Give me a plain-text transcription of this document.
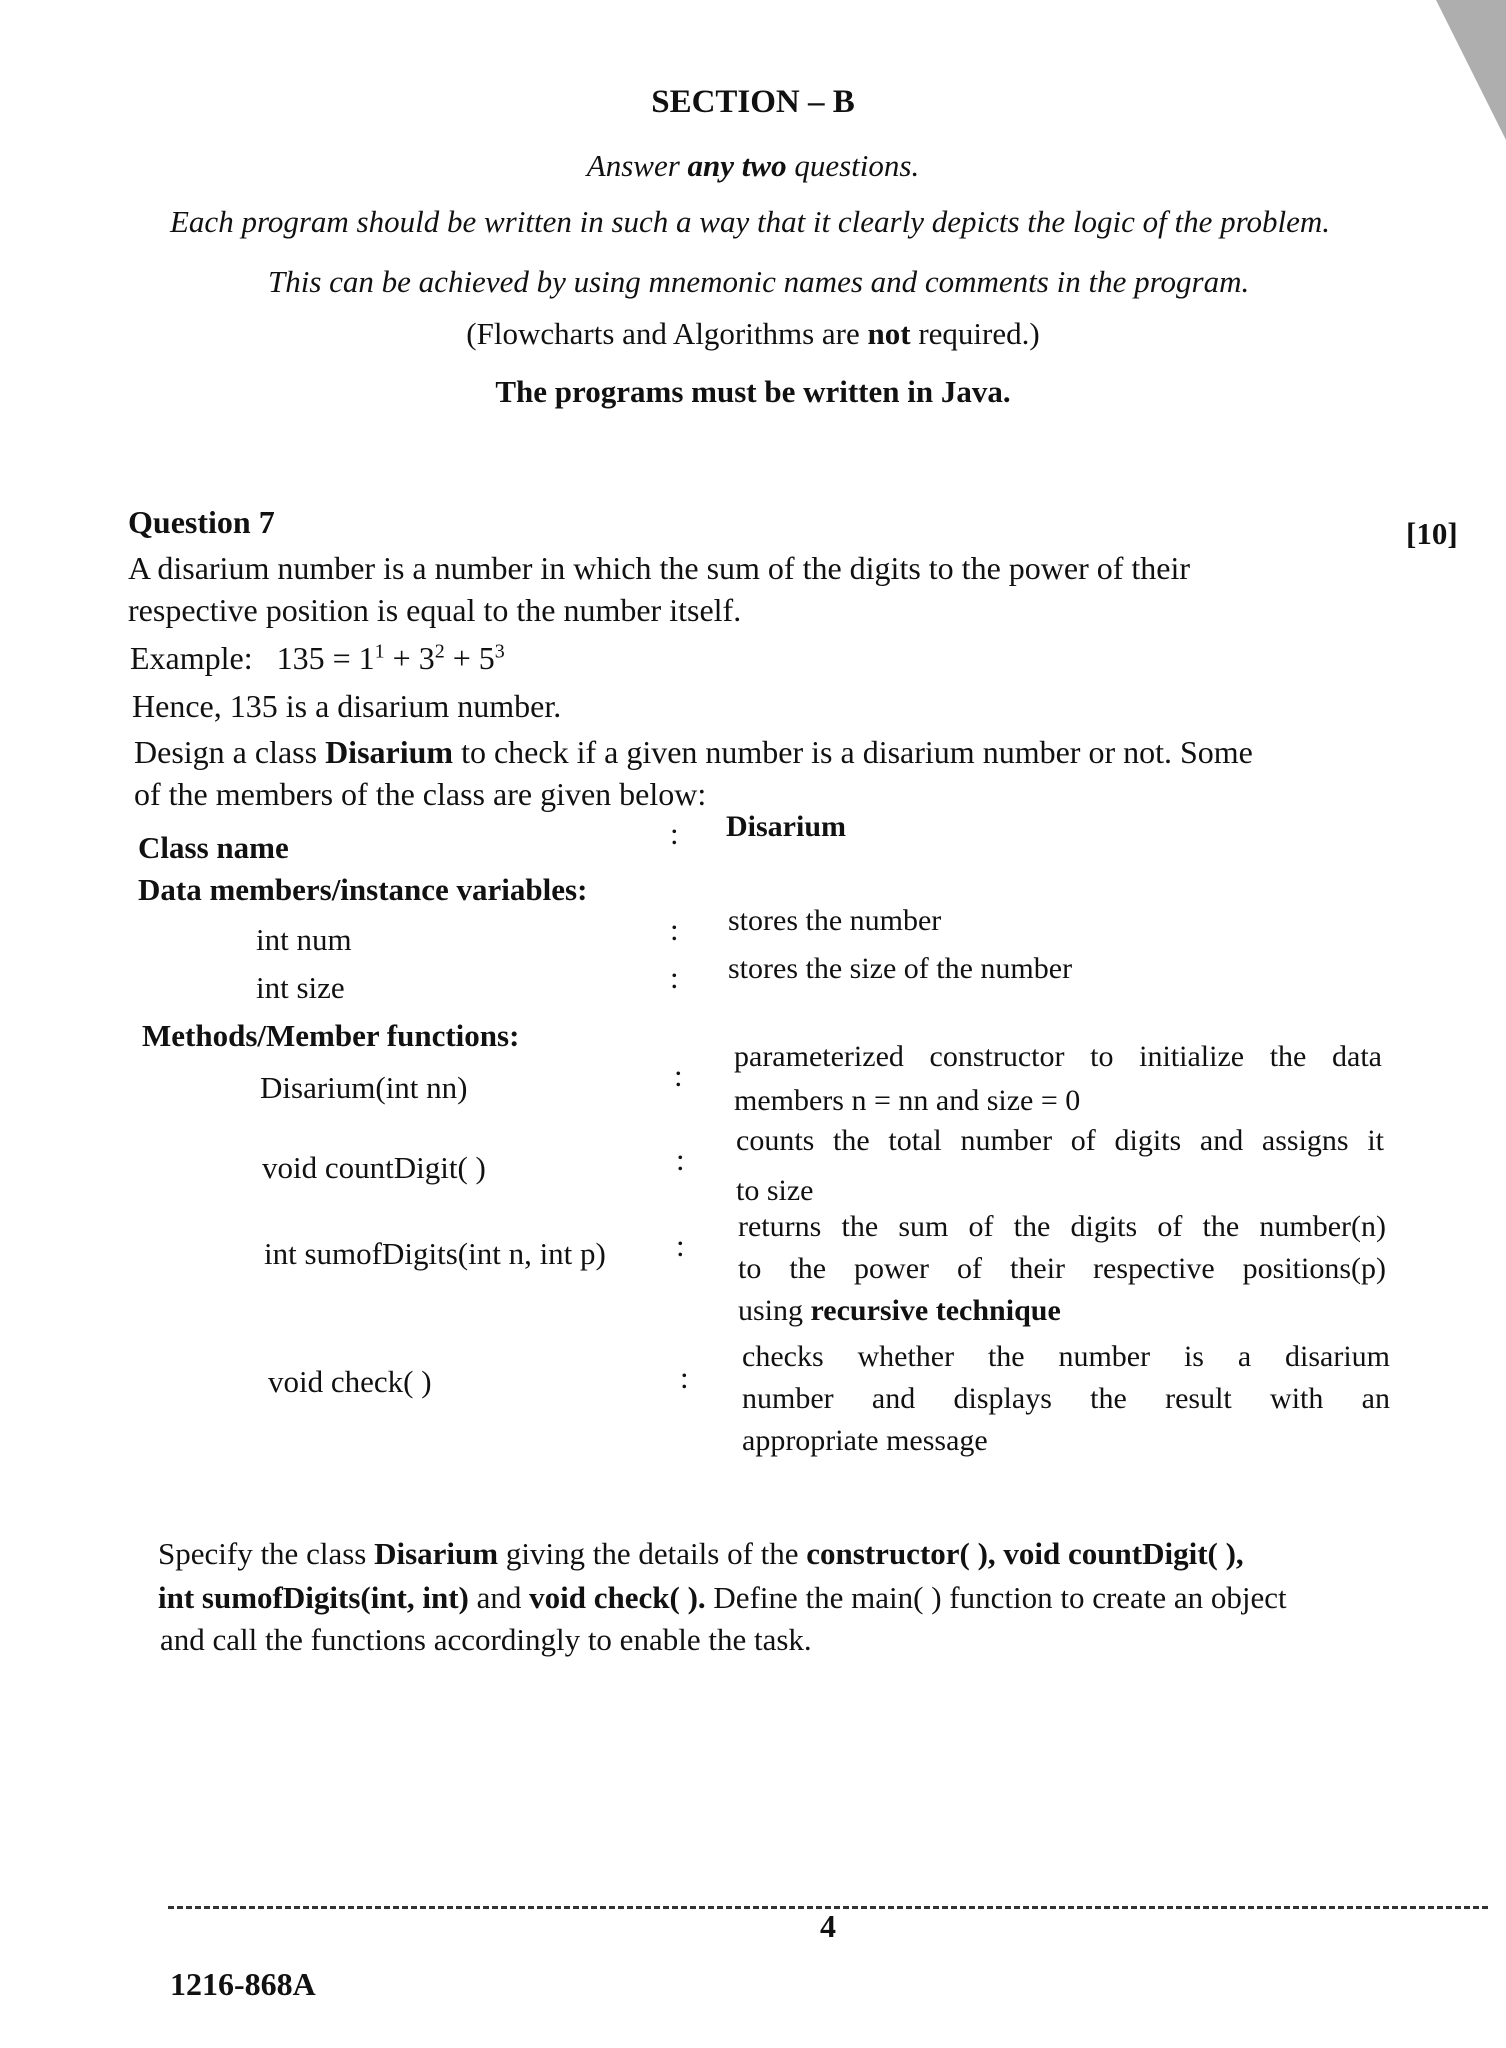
SECTION – B
Answer any two questions.
Each program should be written in such a way that it clearly depicts the logic of the problem.
This can be achieved by using mnemonic names and comments in the program.
(Flowcharts and Algorithms are not required.)
The programs must be written in Java.
Question 7	[10]
A disarium number is a number in which the sum of the digits to the power of their
respective position is equal to the number itself.
Example: $135 = 1^1 + 3^2 + 5^3$
Hence, 135 is a disarium number.
Design a class Disarium to check if a given number is a disarium number or not. Some
of the members of the class are given below:
Class name	: Disarium
Data members/instance variables:
int num	: stores the number
int size	: stores the size of the number
Methods/Member functions:
Disarium(int nn)	:
parameterized constructor to initialize the data
members n = nn and size = 0
void countDigit( )	:
counts the total number of digits and assigns it
to size
int sumofDigits(int n, int p) :
returns the sum of the digits of the number(n)
to the power of their respective positions(p)
using recursive technique
void check( )	:
checks whether the number is a disarium
number and displays the result with an
appropriate message
Specify the class Disarium giving the details of the constructor( ), void countDigit( ),
int sumofDigits(int, int) and void check( ). Define the main( ) function to create an object
and call the functions accordingly to enable the task.
4
1216-868A
